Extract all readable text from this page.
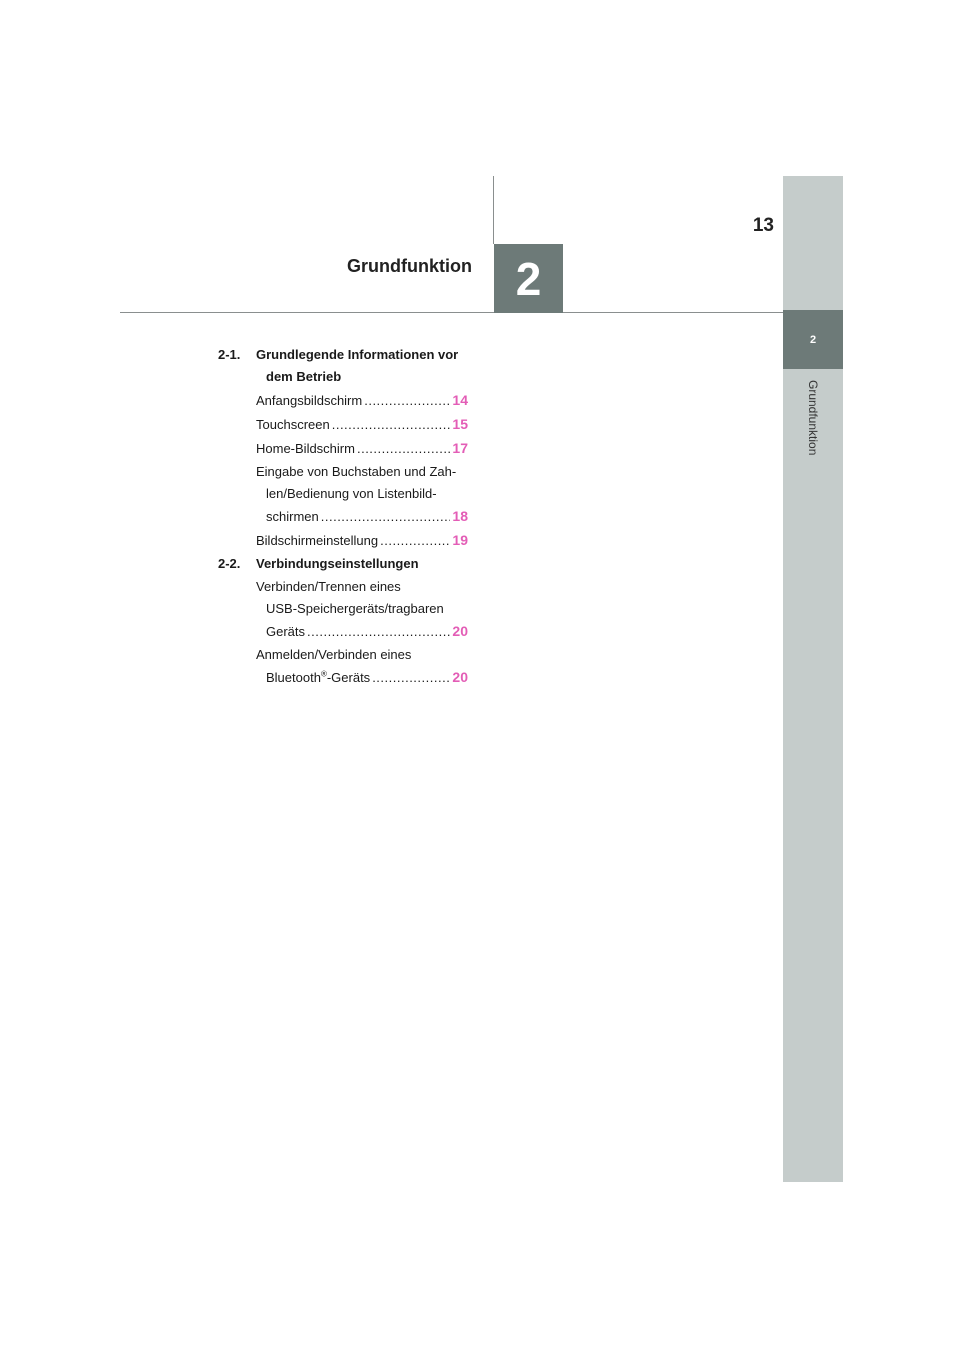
13
Grundfunktion 2
2
Grundfunktion
2-1. Grundlegende Informationen vor
dem Betrieb
Anfangsbildschirm .....	14
Touchscreen .....	15
Home-Bildschirm .....	17
Eingabe von Buchstaben und Zah-
len/Bedienung von Listenbild-
schirmen .....	18
Bildschirmeinstellung .....	19
2-2. Verbindungseinstellungen
Verbinden/Trennen eines
USB-Speichergeräts/tragbaren
Geräts .....	20
Anmelden/Verbinden eines
Bluetooth®-Geräts .....	20
